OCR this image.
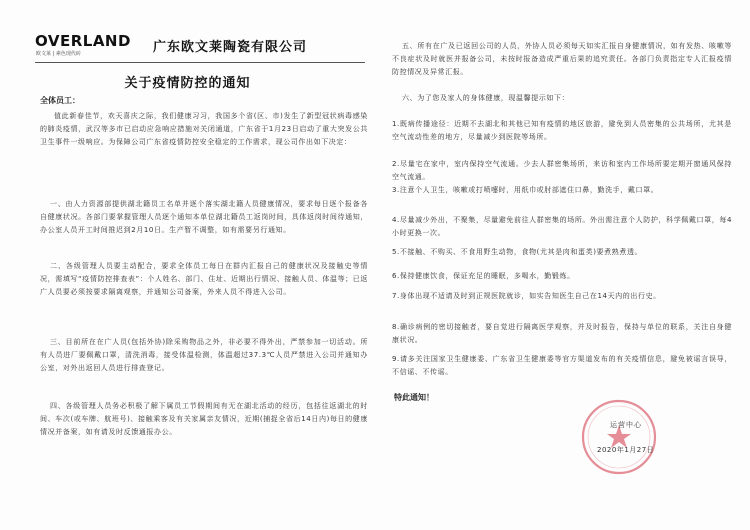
OVERLAND
欧文莱 | 素色现代砖	广东欧文莱陶瓷有限公司
关于疫情防控的通知
全体员工：
值此新春佳节，欢天喜庆之际，我们健康习习，我国多个省(区、市)发生了新型冠状病毒感染的肺炎疫情，武汉等多市已启动应急响应措施对关闭通道，广东省于1月23日启动了重大突发公共卫生事件一级响应。为保障公司广东省疫情防控安全稳定的工作需求，现公司作出如下决定：
一、由人力资源部提供湖北籍员工名单并逐个落实湖北籍人员健康情况，要求每日逐个报备各自健康状况。各部门要掌握管理人员逐个通知本单位湖北籍员工返岗时间，具体返岗时间待通知，办公室人员开工时间推迟到2月10日。生产暂不调整，如有需要另行通知。
二、各级管理人员要主动配合，要求全体员工每日在群内汇报自己的健康状况及接触史等情况，需填写“疫情防控排查表”：个人姓名、部门、住址、近期出行情况、接触人员、体温等；已返广人员要必须按要求隔离观察，并通知公司备案，外来人员不得进入公司。
三、目前所在在广人员(包括外协)除采购物品之外，非必要不得外出，严禁参加一切活动。所有人员进厂要佩戴口罩，清洗消毒，接受体温检测，体温超过37.3℃人员严禁进入公司并通知办公室，对外出返回人员进行排查登记。
四、各级管理人员务必积极了解下属员工节假期间有无在湖北活动的经历，包括往返湖北的时间、车次(或车牌、航班号)、接触乘客及有关家属亲友情况，近期(捕捉全省后14日内)每日的健康情况并备案，如有请及时反馈通报办公。
五、所有在广及已返回公司的人员，外协人员必须每天如实汇报自身健康情况，如有发热、咳嗽等不良症状及时就医并报备公司，未按时报备造成严重后果的追究责任。各部门负责指定专人汇报疫情防控情况及异常汇报。
六、为了您及家人的身体健康，现温馨提示如下：
1.既病传播途径：近期不去湖北和其他已知有疫情的地区旅游，避免到人员密集的公共场所，尤其是空气流动性差的地方，尽量减少到医院等场所。
2.尽量宅在家中，室内保持空气流通。少去人群密集场所，来访和室内工作场所要定期开窗通风保持空气流通。
3.注意个人卫生，咳嗽或打喷嚏时，用纸巾或肘部遮住口鼻，勤洗手，戴口罩。
4.尽量减少外出，不聚集，尽量避免前往人群密集的场所。外出需注意个人防护，科学佩戴口罩，每4小时更换一次。
5.不接触、不购买、不食用野生动物，食物(尤其是肉和蛋类)要煮熟煮透。
6.保持健康饮食，保证充足的睡眠，多喝水，勤锻炼。
7.身体出现不适请及时到正规医院就诊，如实告知医生自己在14天内的出行史。
8.确诊病例的密切接触者，要自觉进行隔离医学观察，并及时报告，保持与单位的联系，关注自身健康状况。
9.请多关注国家卫生健康委、广东省卫生健康委等官方渠道发布的有关疫情信息，避免被谣言误导，不信谣、不传谣。
特此通知！
运营中心
2020年1月27日
